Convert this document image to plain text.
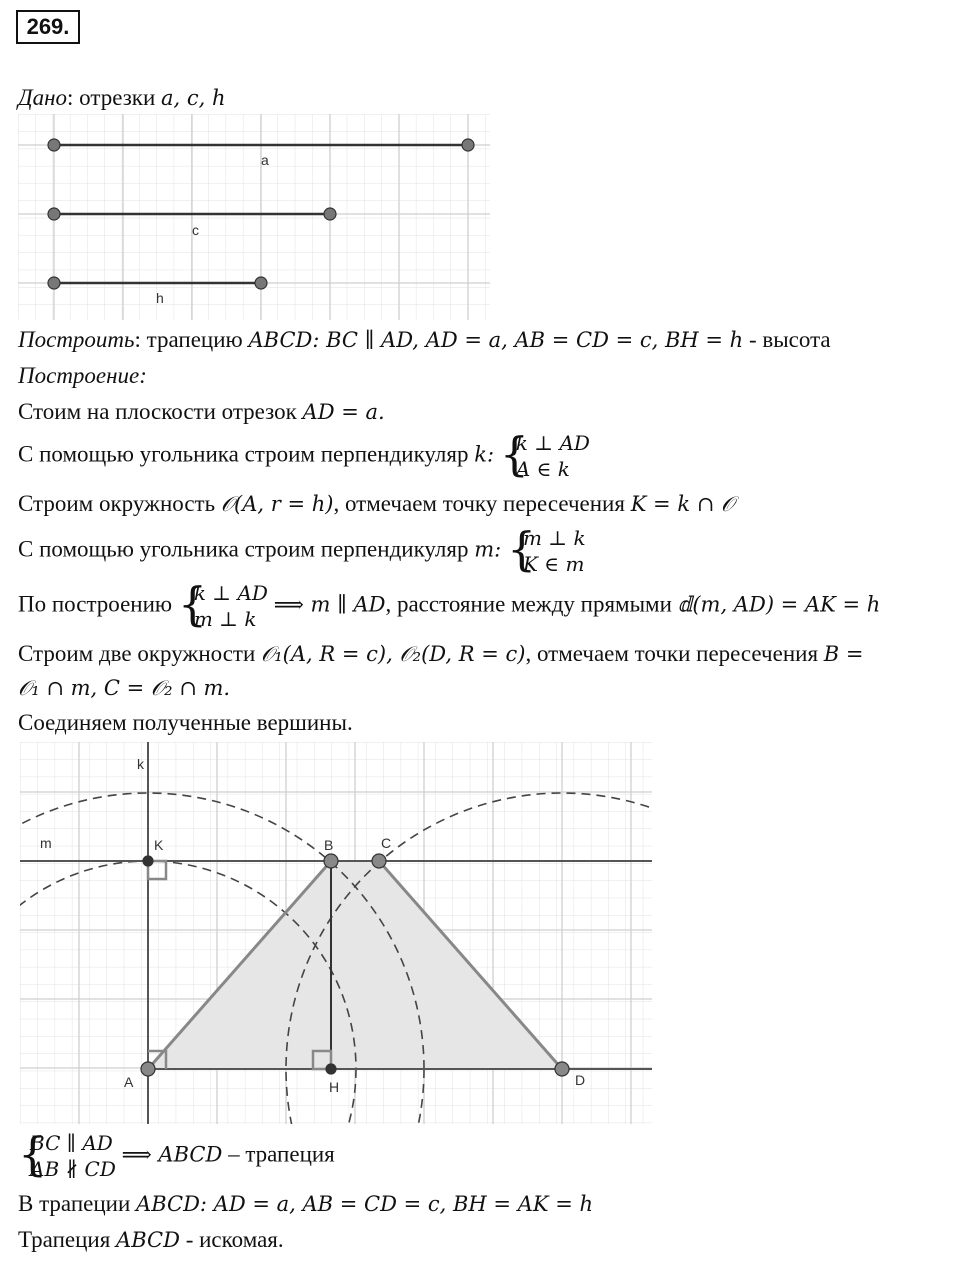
269.
Дано: отрезки a, c, h
a
c
h
Построить: трапецию ABCD: BC ∥ AD, AD = a, AB = CD = c, BH = h - высота
Построение:
Стоим на плоскости отрезок AD = a.
С помощью угольника строим перпендикуляр k: {
k ⊥ AD
A ∈ k
Строим окружность 𝒪(A, r = h), отмечаем точку пересечения K = k ∩ 𝒪
С помощью угольника строим перпендикуляр m: {
m ⊥ k
K ∈ m
По построению {
k ⊥ AD
m ⊥ k
⟹ m ∥ AD, расстояние между прямыми 𝕕(m, AD) = AK = h
Строим две окружности 𝒪₁(A, R = c), 𝒪₂(D, R = c), отмечаем точки пересечения B =
𝒪₁ ∩ m, C = 𝒪₂ ∩ m.
Соединяем полученные вершины.
k
m	K	B	C
A	H	D
{
BC ∥ AD
AB ∦ CD
⟹ ABCD – трапеция
В трапеции ABCD: AD = a, AB = CD = c, BH = AK = h
Трапеция ABCD - искомая.
